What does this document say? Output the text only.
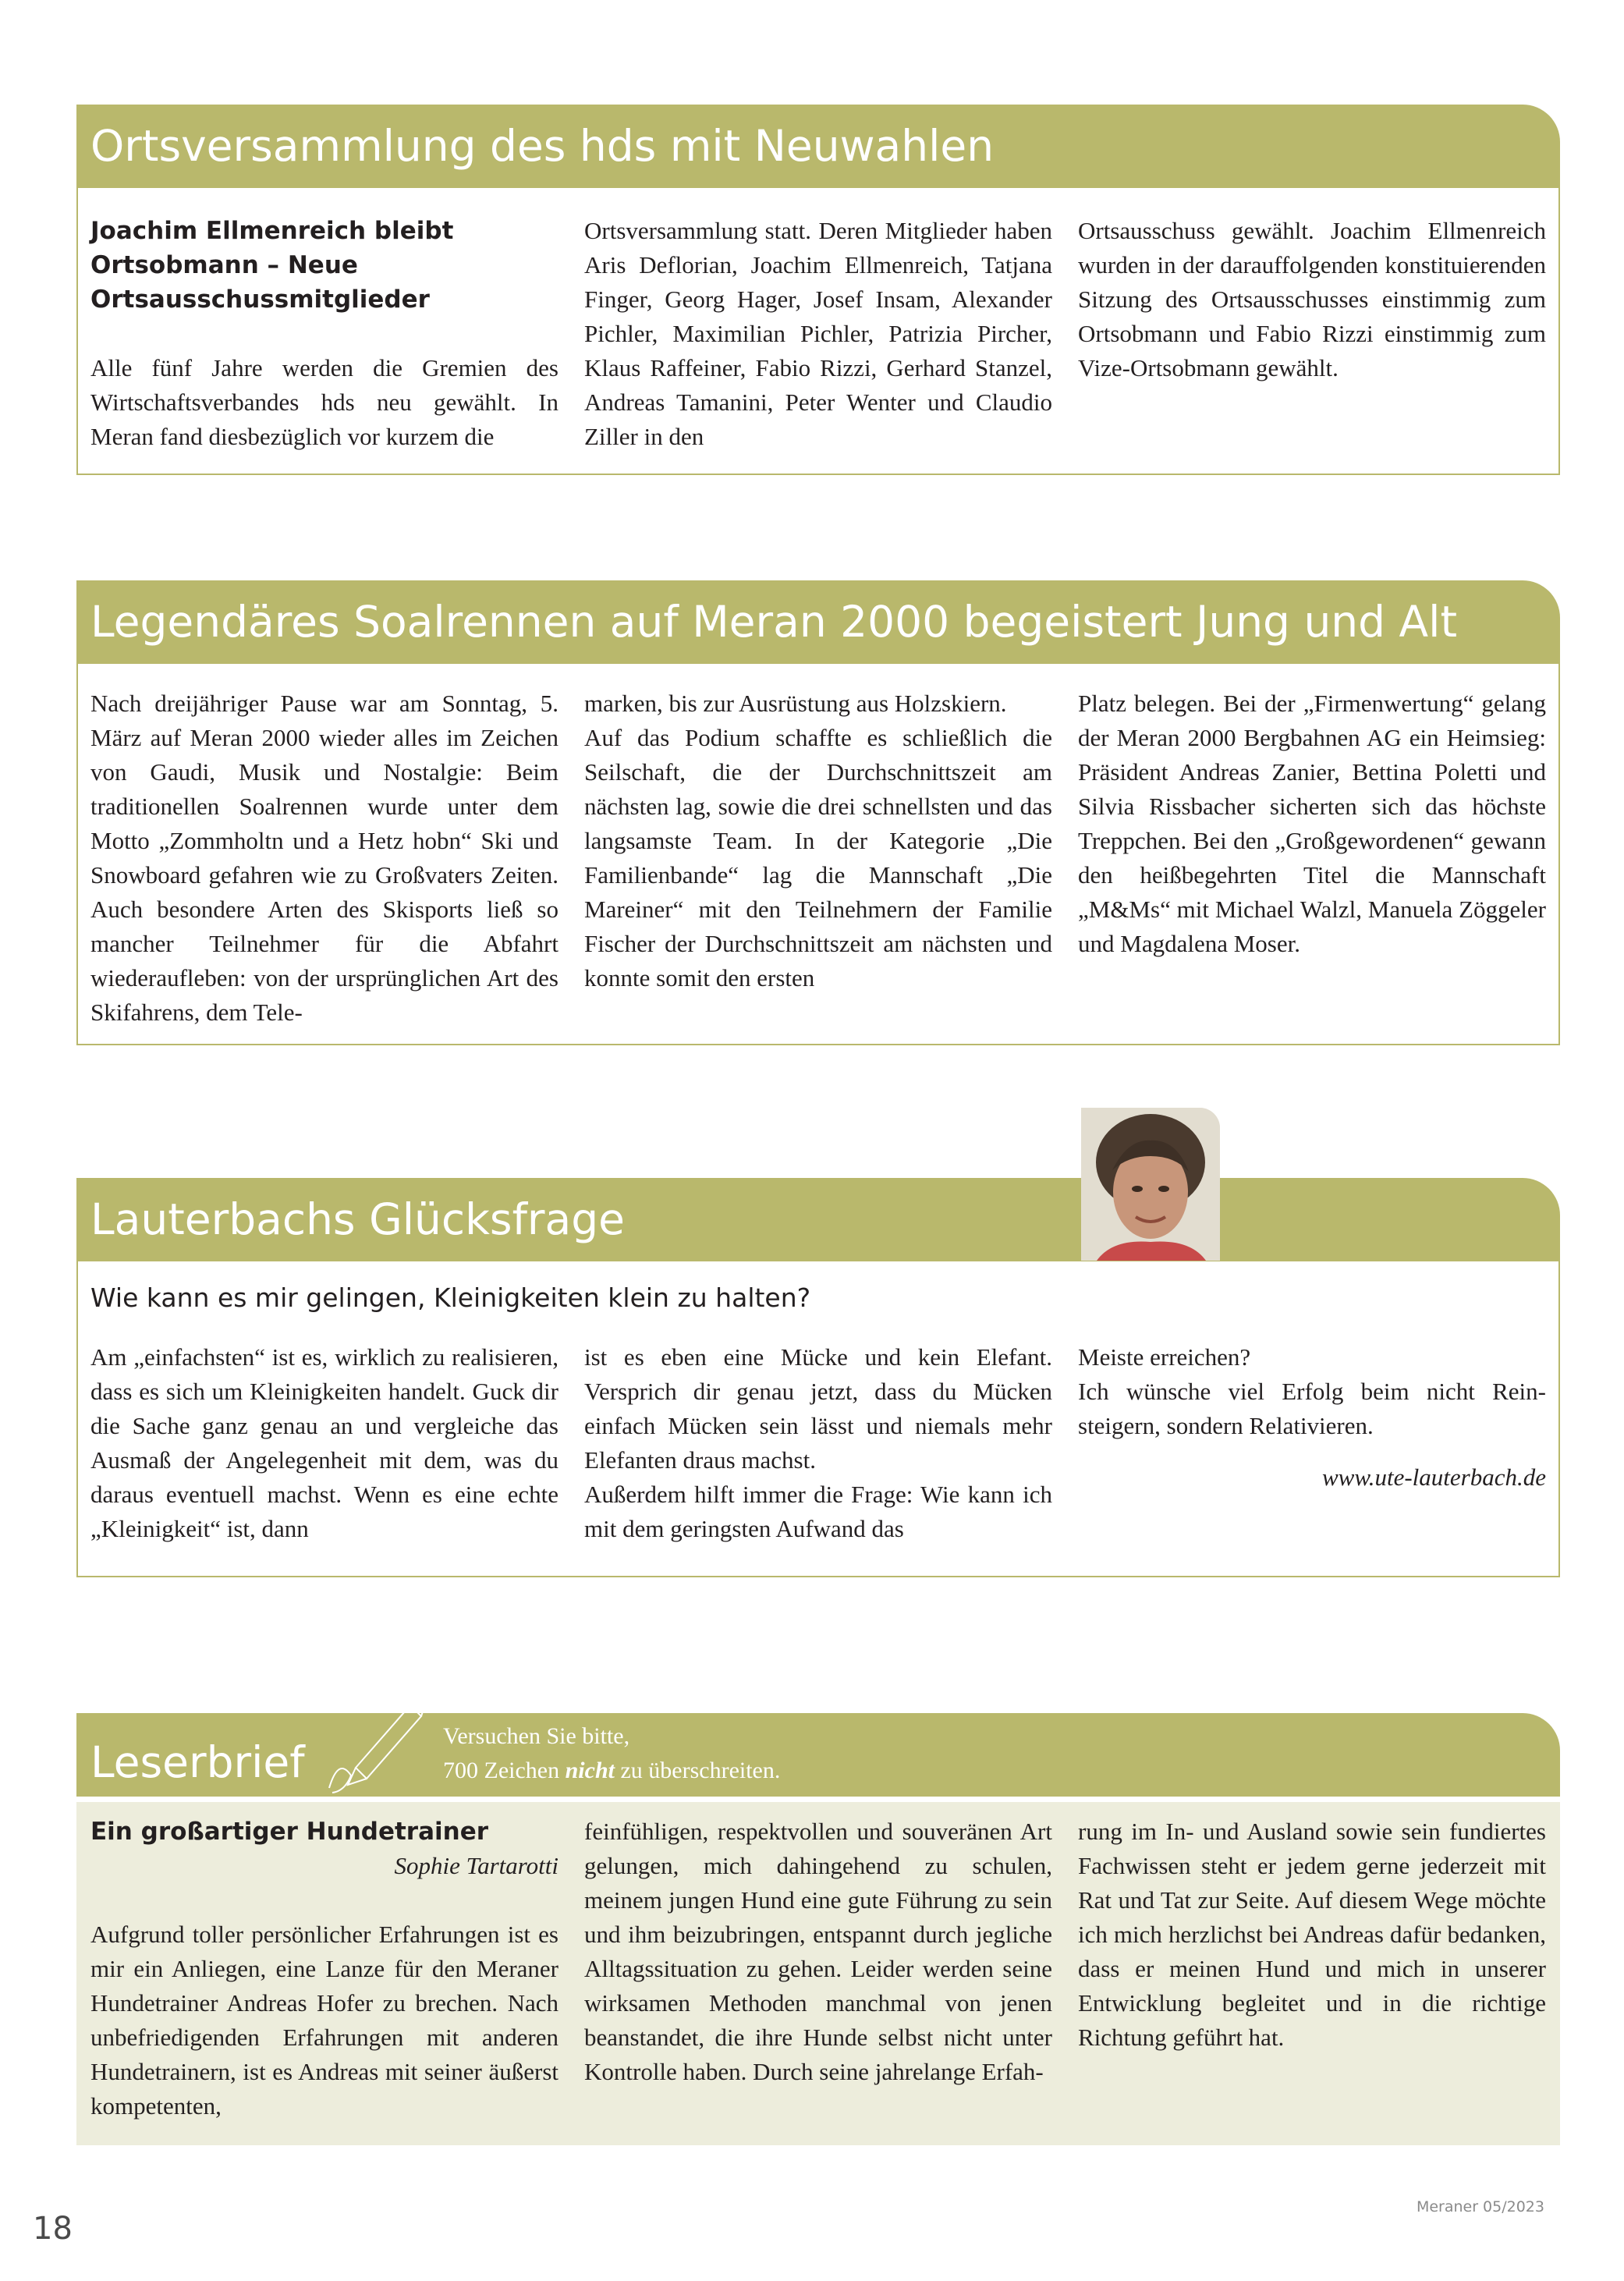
Ortsversammlung des hds mit Neuwahlen

Joachim Ellmenreich bleibt Ortsobmann – Neue Ortsausschussmitglieder

Alle fünf Jahre werden die Gremien des Wirtschaftsverbandes hds neu gewählt. In Meran fand diesbezüglich vor kurzem die

Ortsversammlung statt. Deren Mitglieder haben Aris Deflorian, Joachim Ellmenreich, Tatjana Finger, Georg Hager, Josef Insam, Alexander Pichler, Maximilian Pichler, Patrizia Pircher, Klaus Raffeiner, Fabio Rizzi, Gerhard Stanzel, Andreas Tamanini, Peter Wenter und Claudio Ziller in den

Ortsausschuss gewählt. Joachim Ellmenreich wurden in der darauffolgenden konstituierenden Sitzung des Ortsausschusses einstimmig zum Ortsobmann und Fabio Rizzi einstimmig zum Vize-Ortsobmann gewählt.

Legendäres Soalrennen auf Meran 2000 begeistert Jung und Alt

Nach dreijähriger Pause war am Sonntag, 5. März auf Meran 2000 wieder alles im Zeichen von Gaudi, Musik und Nostalgie: Beim traditionellen Soalrennen wurde unter dem Motto „Zommholtn und a Hetz hobn“ Ski und Snowboard gefahren wie zu Großvaters Zeiten. Auch besondere Arten des Skisports ließ so mancher Teilnehmer für die Abfahrt wiederaufleben: von der ursprünglichen Art des Skifahrens, dem Tele-

marken, bis zur Ausrüstung aus Holzskiern.

Auf das Podium schaffte es schließlich die Seilschaft, die der Durchschnittszeit am nächsten lag, sowie die drei schnellsten und das langsamste Team. In der Kategorie „Die Familienbande“ lag die Mannschaft „Die Mareiner“ mit den Teilnehmern der Familie Fischer der Durchschnittszeit am nächsten und konnte somit den ersten

Platz belegen. Bei der „Firmenwertung“ gelang der Meran 2000 Bergbahnen AG ein Heimsieg: Präsident Andreas Zanier, Bettina Poletti und Silvia Rissbacher sicherten sich das höchste Treppchen. Bei den „Großgewordenen“ gewann den heißbegehrten Titel die Mannschaft „M&Ms“ mit Michael Walzl, Manuela Zöggeler und Magdalena Moser.

Lauterbachs Glücksfrage
Wie kann es mir gelingen, Kleinigkeiten klein zu halten?

Am „einfachsten“ ist es, wirklich zu realisieren, dass es sich um Kleinigkeiten handelt. Guck dir die Sache ganz genau an und vergleiche das Ausmaß der Angelegenheit mit dem, was du daraus eventuell machst. Wenn es eine echte „Kleinigkeit“ ist, dann

ist es eben eine Mücke und kein Elefant. Versprich dir genau jetzt, dass du Mücken einfach Mücken sein lässt und niemals mehr Elefanten draus machst.

Außerdem hilft immer die Frage: Wie kann ich mit dem geringsten Aufwand das

Meiste erreichen?

Ich wünsche viel Erfolg beim nicht Reinsteigern, sondern Relativieren.

www.ute-lauterbach.de

Leserbrief
Versuchen Sie bitte,
700 Zeichen nicht zu überschreiten.

Ein großartiger Hundetrainer

Sophie Tartarotti

Aufgrund toller persönlicher Erfahrungen ist es mir ein Anliegen, eine Lanze für den Meraner Hundetrainer Andreas Hofer zu brechen. Nach unbefriedigenden Erfahrungen mit anderen Hundetrainern, ist es Andreas mit seiner äußerst kompetenten,

feinfühligen, respektvollen und souveränen Art gelungen, mich dahingehend zu schulen, meinem jungen Hund eine gute Führung zu sein und ihm beizubringen, entspannt durch jegliche Alltagssituation zu gehen. Leider werden seine wirksamen Methoden manchmal von jenen beanstandet, die ihre Hunde selbst nicht unter Kontrolle haben. Durch seine jahrelange Erfah-

rung im In- und Ausland sowie sein fundiertes Fachwissen steht er jedem gerne jederzeit mit Rat und Tat zur Seite. Auf diesem Wege möchte ich mich herzlichst bei Andreas dafür bedanken, dass er meinen Hund und mich in unserer Entwicklung begleitet und in die richtige Richtung geführt hat.

18
Meraner 05/2023
